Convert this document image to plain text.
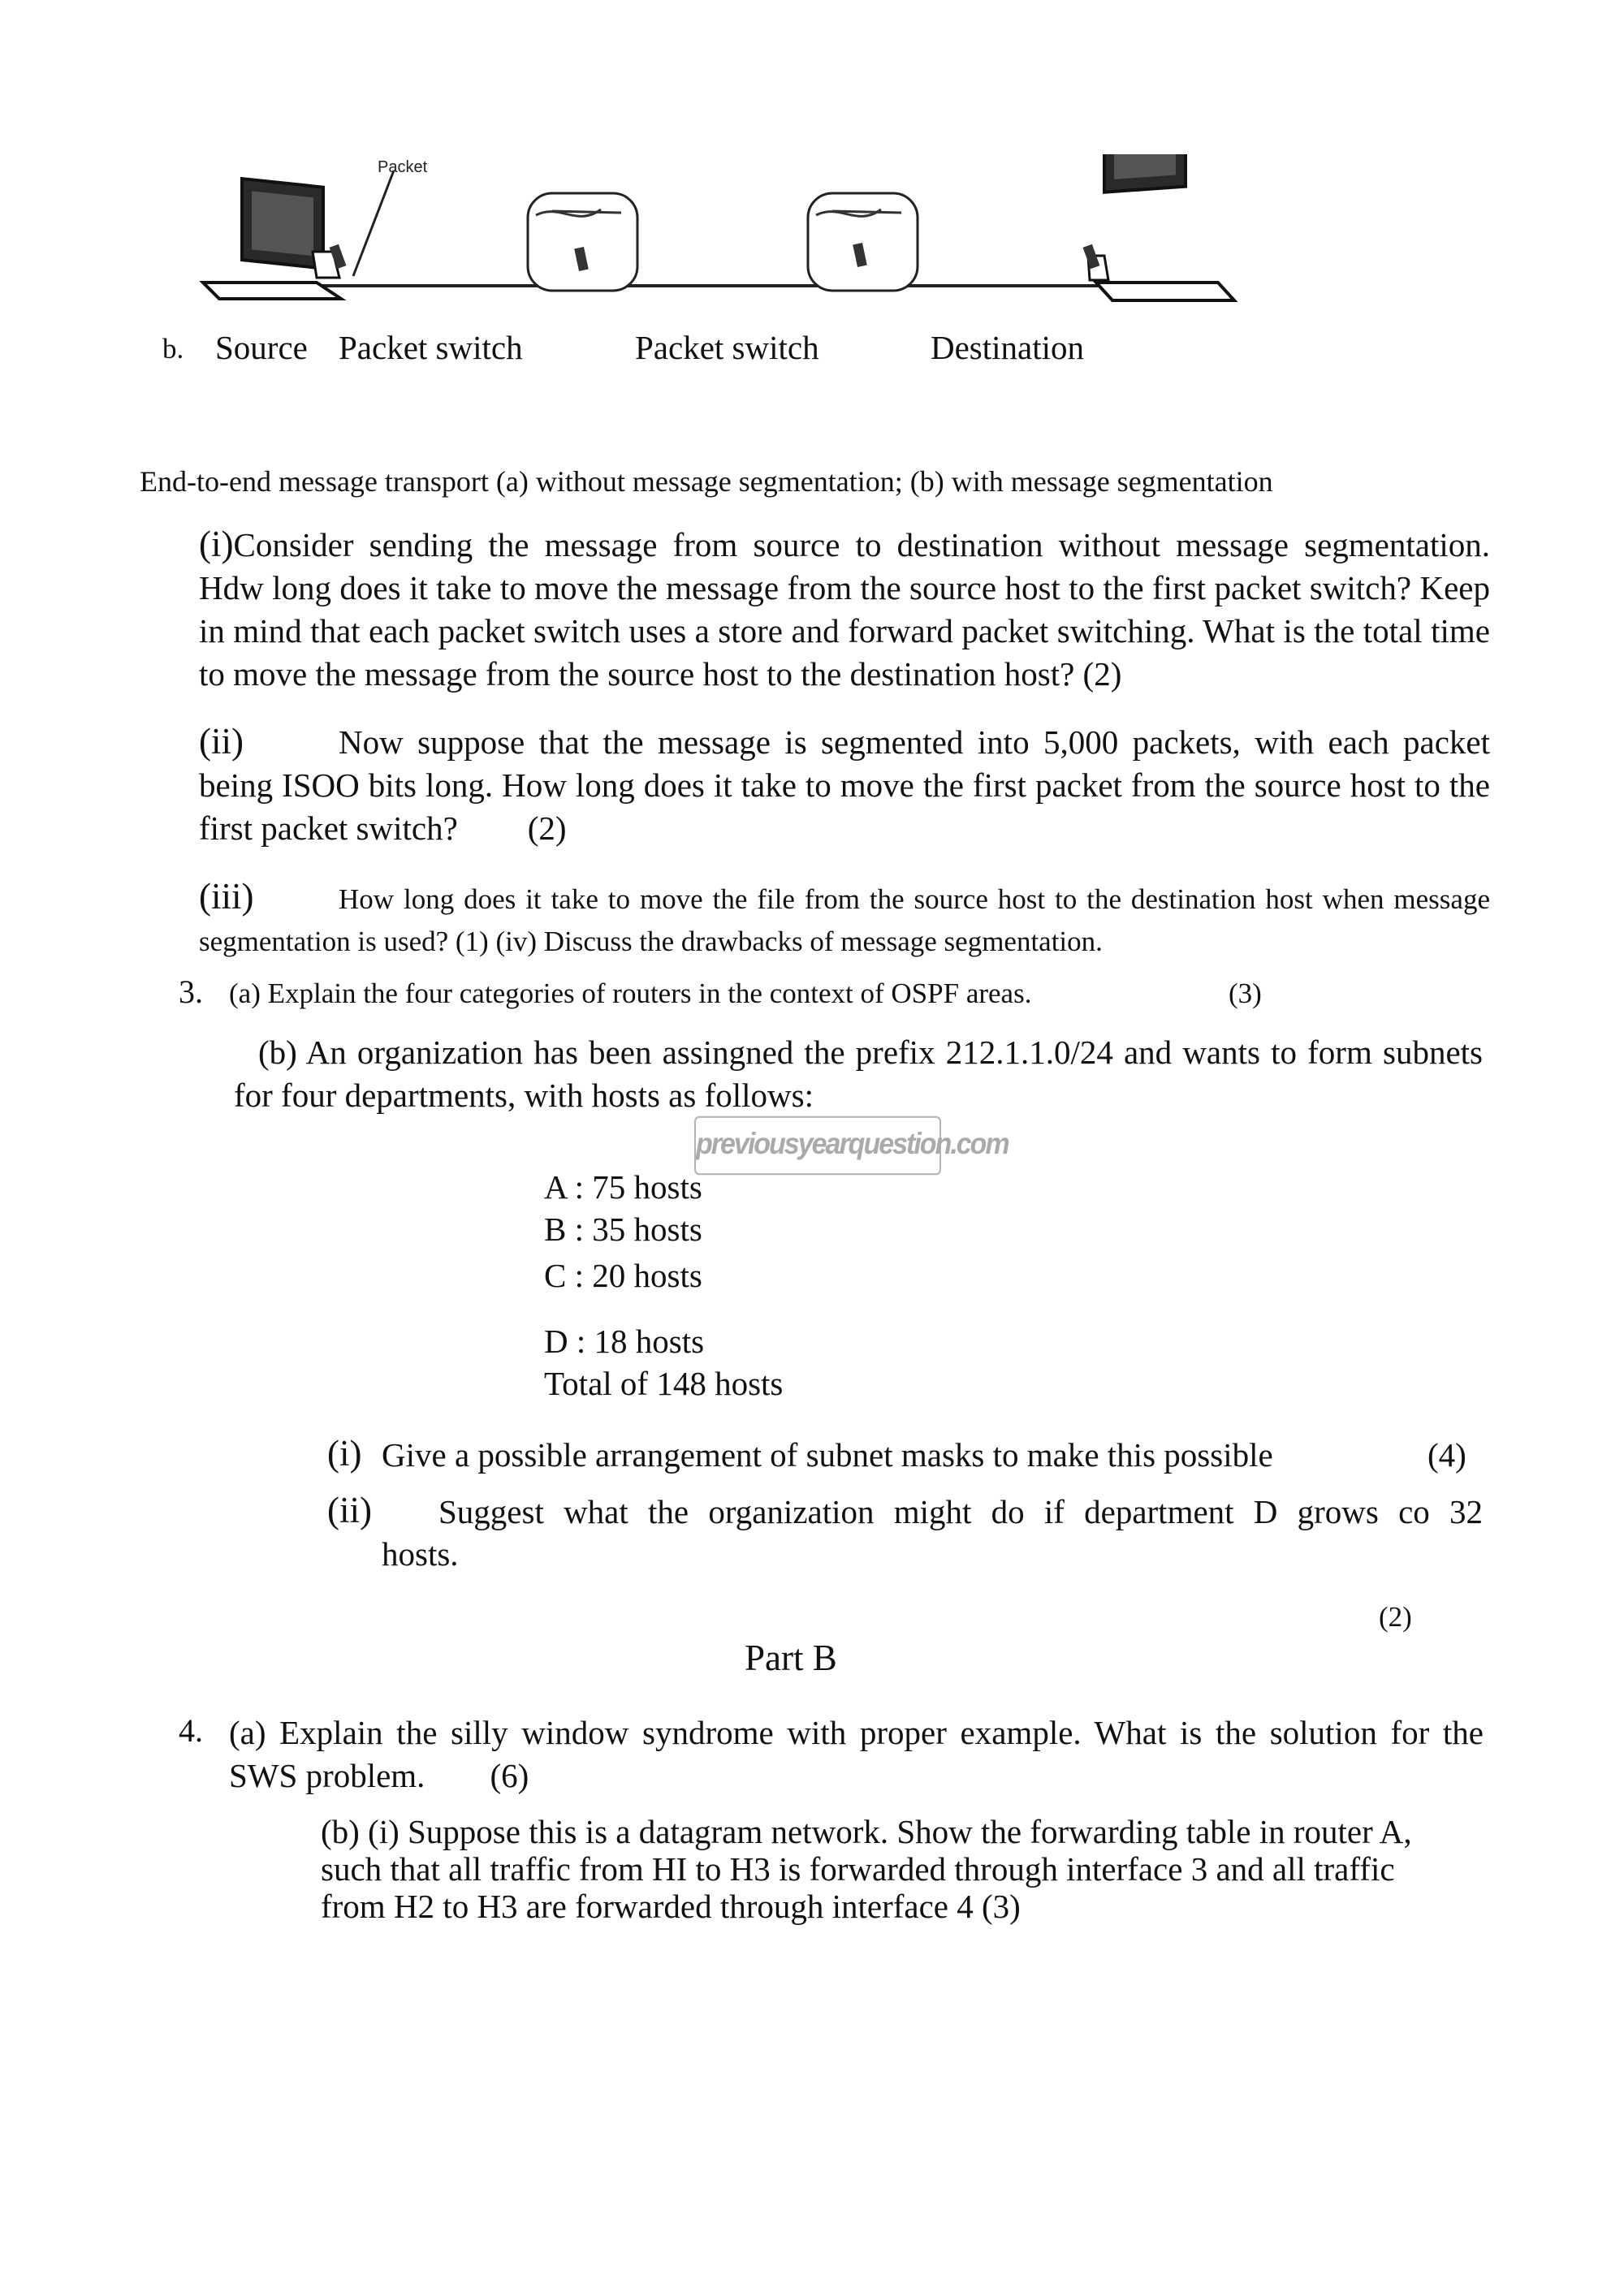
Packet
b. Source Packet switch	Packet switch	Destination
End-to-end message transport (a) without message segmentation; (b) with message segmentation
(i)Consider sending the message from source to destination without message segmentation. Hdw long does it take to move the message from the source host to the first packet switch? Keep in mind that each packet switch uses a store and forward packet switching. What is the total time to move the message from the source host to the destination host? (2)
(ii)	Now suppose that the message is segmented into 5,000 packets, with each packet being ISOO bits long. How long does it take to move the first packet from the source host to the first packet switch? (2)
(iii)	How long does it take to move the file from the source host to the destination host when message segmentation is used? (1) (iv) Discuss the drawbacks of message segmentation.
3. (a) Explain the four categories of routers in the context of OSPF areas.	(3)
(b) An organization has been assingned the prefix 212.1.1.0/24 and wants to form subnets for four departments, with hosts as follows:
previousyearquestion.com
A : 75 hosts
B : 35 hosts
C : 20 hosts
D : 18 hosts
Total of 148 hosts
(i) Give a possible arrangement of subnet masks to make this possible	(4)
(ii) Suggest what the organization might do if department D grows co 32
hosts.
(2)
Part B
4. (a) Explain the silly window syndrome with proper example. What is the solution for the SWS problem. (6)
(b) (i) Suppose this is a datagram network. Show the forwarding table in router A, such that all traffic from HI to H3 is forwarded through interface 3 and all traffic from H2 to H3 are forwarded through interface 4 (3)
